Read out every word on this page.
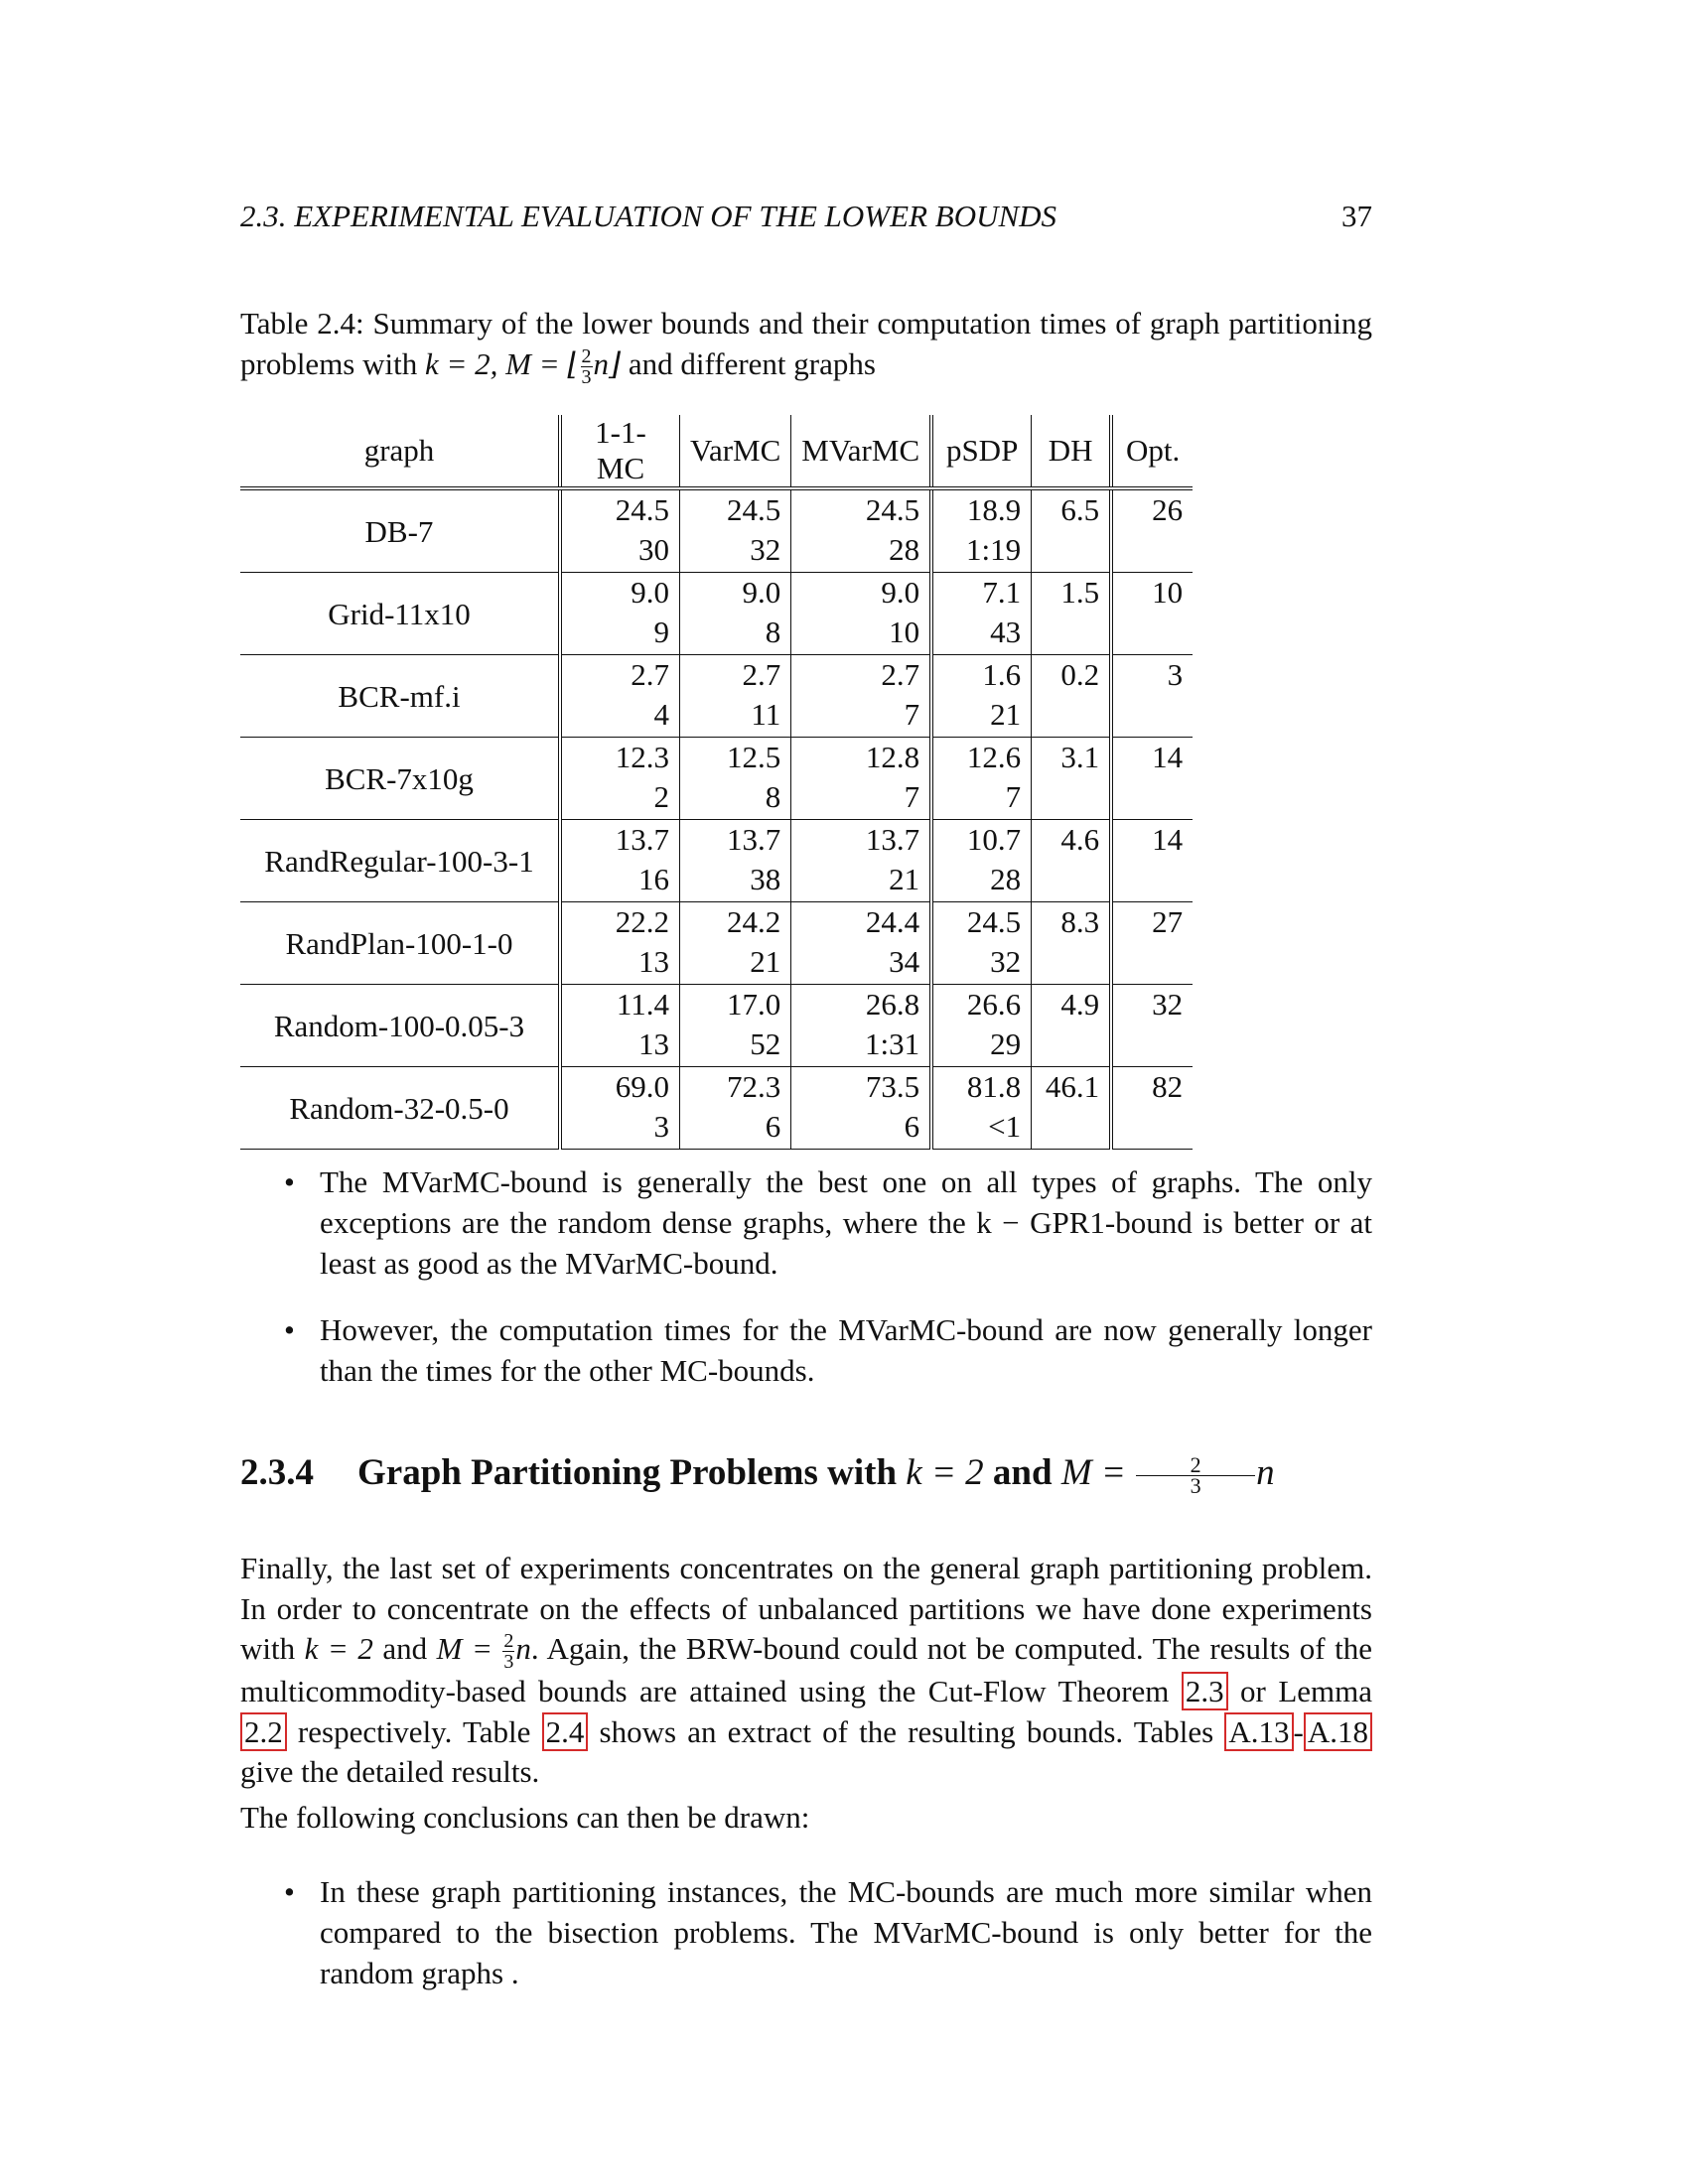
2.3. EXPERIMENTAL EVALUATION OF THE LOWER BOUNDS	37
Table 2.4: Summary of the lower bounds and their computation times of graph partitioning problems with k = 2, M = ⌊ $\frac{2}{3}$ n⌋ and different graphs
graph	1-1-MC	VarMC	MVarMC	pSDP	DH	Opt.
DB-7	24.5	24.5	24.5	18.9	6.5	26
	30	32	28	1:19		
Grid-11x10	9.0	9.0	9.0	7.1	1.5	10
	9	8	10	43		
BCR-mf.i	2.7	2.7	2.7	1.6	0.2	3
	4	11	7	21		
BCR-7x10g	12.3	12.5	12.8	12.6	3.1	14
	2	8	7	7		
RandRegular-100-3-1	13.7	13.7	13.7	10.7	4.6	14
	16	38	21	28		
RandPlan-100-1-0	22.2	24.2	24.4	24.5	8.3	27
	13	21	34	32		
Random-100-0.05-3	11.4	17.0	26.8	26.6	4.9	32
	13	52	1:31	29		
Random-32-0.5-0	69.0	72.3	73.5	81.8	46.1	82
	3	6	6	<1		
• The MVarMC-bound is generally the best one on all types of graphs. The only exceptions are the random dense graphs, where the k − GPR1-bound is better or at least as good as the MVarMC-bound.
• However, the computation times for the MVarMC-bound are now generally longer than the times for the other MC-bounds.
2.3.4 Graph Partitioning Problems with k = 2 and $M = \frac{2}{3}$ n
Finally, the last set of experiments concentrates on the general graph partitioning problem. In order to concentrate on the effects of unbalanced partitions we have done experiments with k = 2 and $M = \frac{2}{3} n$. Again, the BRW-bound could not be computed. The results of the multicommodity-based bounds are attained using the Cut-Flow Theorem 2.3 or Lemma 2.2 respectively. Table 2.4 shows an extract of the resulting bounds. Tables A.13 - A.18 give the detailed results.
The following conclusions can then be drawn:
• In these graph partitioning instances, the MC-bounds are much more similar when compared to the bisection problems. The MVarMC-bound is only better for the random graphs .
